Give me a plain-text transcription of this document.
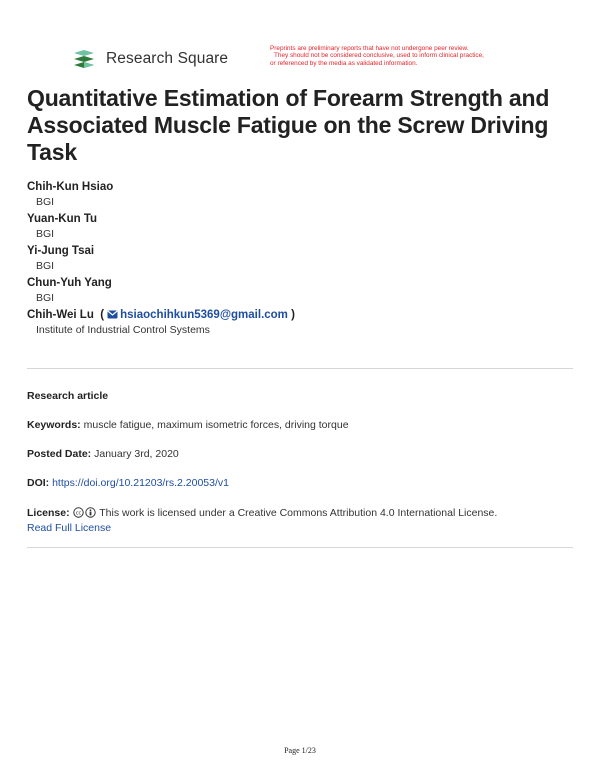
Research Square
Preprints are preliminary reports that have not undergone peer review.
They should not be considered conclusive, used to inform clinical practice,
or referenced by the media as validated information.
Quantitative Estimation of Forearm Strength and Associated Muscle Fatigue on the Screw Driving Task
Chih-Kun Hsiao
BGI
Yuan-Kun Tu
BGI
Yi-Jung Tsai
BGI
Chun-Yuh Yang
BGI
Chih-Wei Lu  ( hsiaochihkun5369@gmail.com )
Institute of Industrial Control Systems
Research article
Keywords: muscle fatigue, maximum isometric forces, driving torque
Posted Date: January 3rd, 2020
DOI: https://doi.org/10.21203/rs.2.20053/v1
License: cc This work is licensed under a Creative Commons Attribution 4.0 International License.
Read Full License
Page 1/23
